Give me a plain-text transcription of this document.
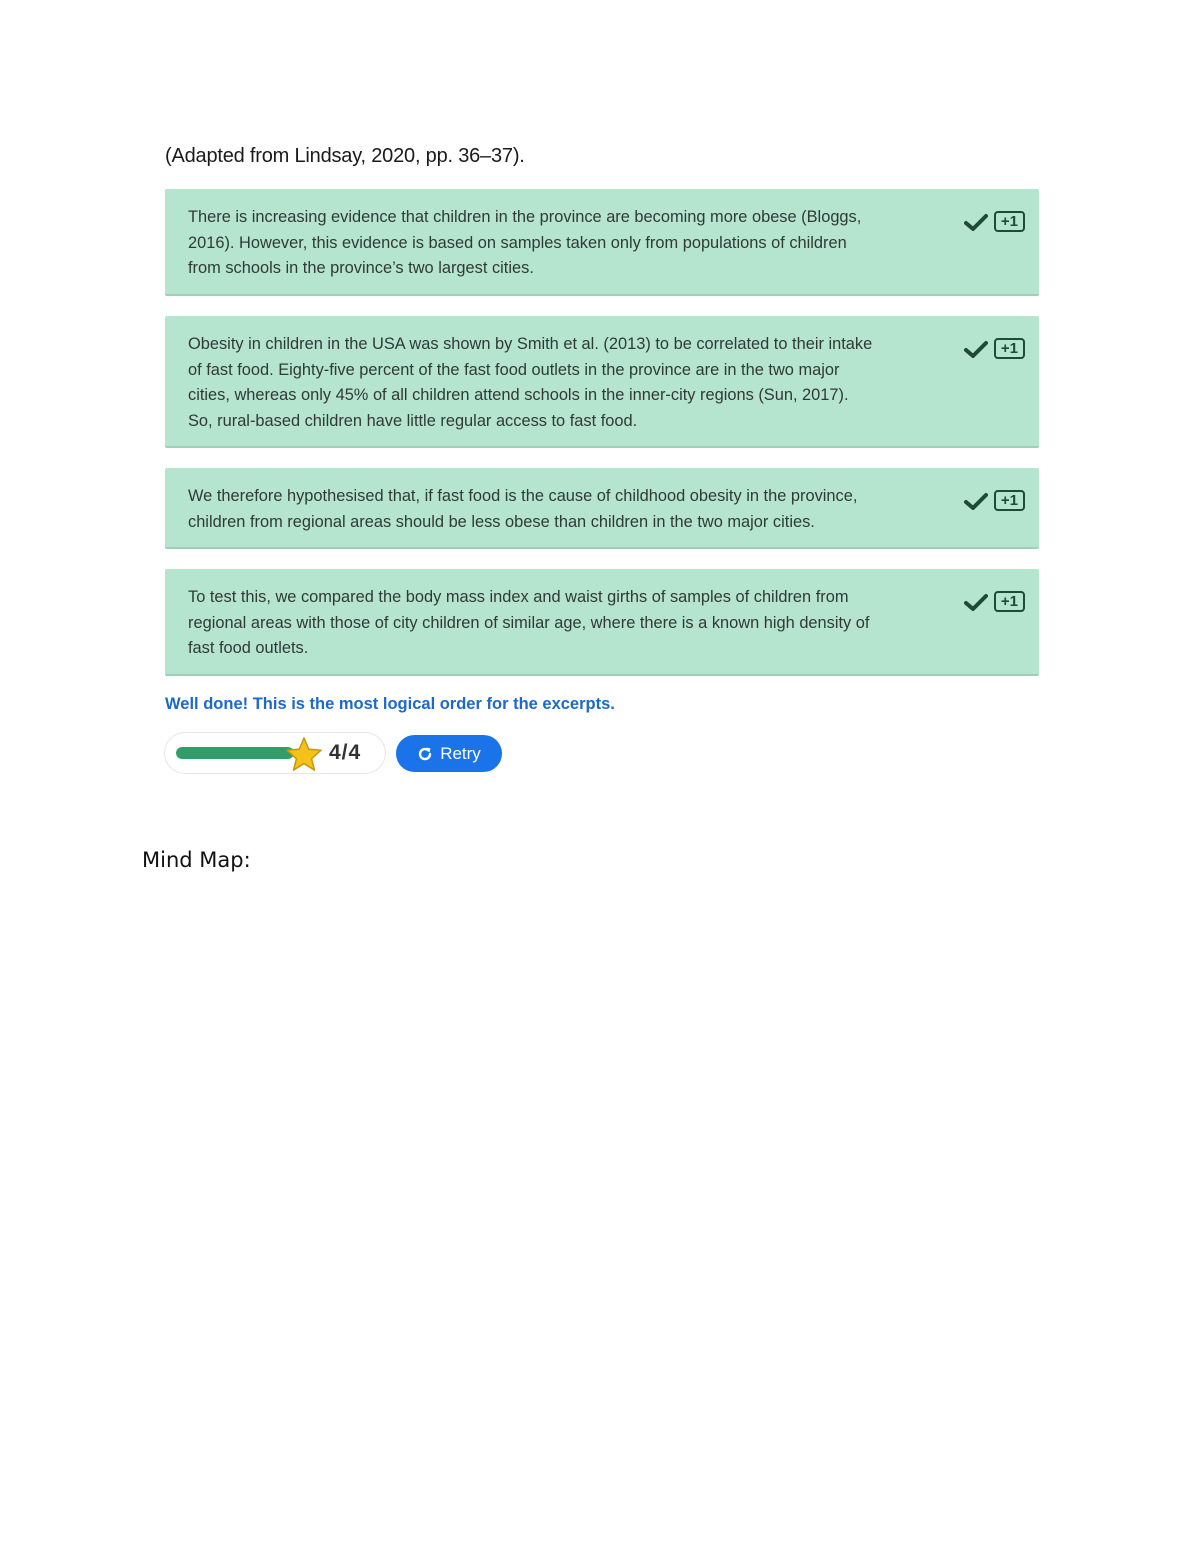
(Adapted from Lindsay, 2020, pp. 36–37).
There is increasing evidence that children in the province are becoming more obese (Bloggs,
2016). However, this evidence is based on samples taken only from populations of children
from schools in the province’s two largest cities.
+1
Obesity in children in the USA was shown by Smith et al. (2013) to be correlated to their intake
of fast food. Eighty-five percent of the fast food outlets in the province are in the two major
cities, whereas only 45% of all children attend schools in the inner-city regions (Sun, 2017).
So, rural-based children have little regular access to fast food.
+1
We therefore hypothesised that, if fast food is the cause of childhood obesity in the province,
children from regional areas should be less obese than children in the two major cities.
+1
To test this, we compared the body mass index and waist girths of samples of children from
regional areas with those of city children of similar age, where there is a known high density of
fast food outlets.
+1
Well done! This is the most logical order for the excerpts.
4/4	Retry
Mind Map:
